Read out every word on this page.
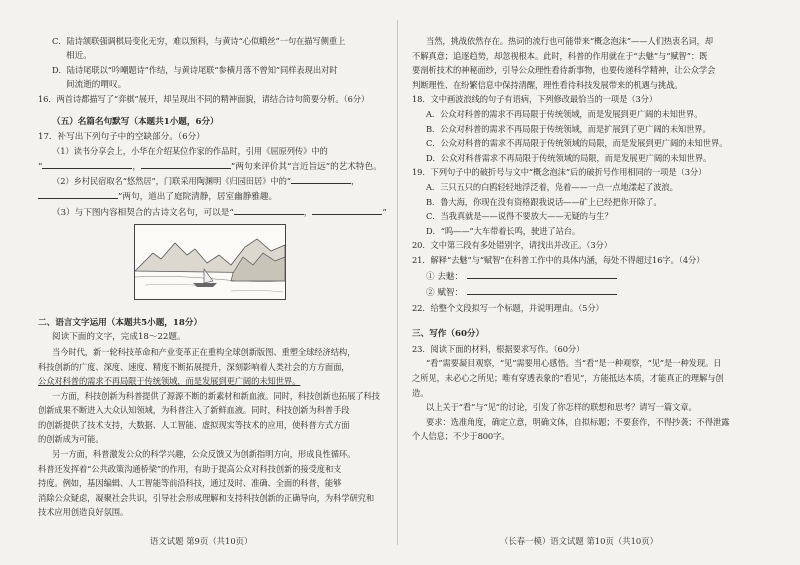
C．陆诗颔联强调棋局变化无穷，难以预料，与黄诗“心似蛾丝”一句在描写侧重上
相近。
D．陆诗尾联以“吟嘲题诗”作结，与黄诗尾联“参横月落不曾知”同样表现出对时
间流逝的喟叹。
16．两首诗都描写了“弈棋”展开，却呈现出不同的精神面貌，请结合诗句简要分析。（6分）
（五）名篇名句默写（本题共1小题，6分）
17．补写出下列句子中的空缺部分。（6分）
（1）读书分享会上，小华在介绍某位作家的作品时，引用《屈原列传》中的
“	，	”两句来评价其“言近旨远”的艺术特色。
（2）乡村民宿取名“悠然居”，门联采用陶渊明《归园田居》中的“	，
”两句，道出了庭院清静，居室幽静雅趣。
（3）与下图内容相契合的古诗文名句，可以是“	，	”
二、语言文字运用（本题共5小题，18分）
阅读下面的文字，完成18～22题。
当今时代，新一轮科技革命和产业变革正在重构全球创新版图、重塑全球经济结构，
科技创新的广度、深度、速度、精度不断拓展提升，深刻影响着人类社会的方方面面，
公众对科普的需求不再局限于传统领域，而是发展到更广阔的未知世界。
一方面，科技创新为科普提供了源源不断的新素材和新血液。同时，科技创新也拓展了科技
创新成果不断进入大众认知领域，为科普注入了新鲜血液。同时，科技创新为科普手段
的创新提供了技术支持，大数据、人工智能、虚拟现实等技术的应用，使科普方式方面
的创新成为可能。
另一方面，科普激发公众的科学兴趣，公众反馈又为创新指明方向，形成良性循环。
科普还发挥着“公共政策沟通桥梁”的作用，有助于提高公众对科技创新的接受度和支
持度。例如，基因编辑、人工智能等前沿科技，通过及时、准确、全面的科普，能够
消除公众疑虑，凝聚社会共识，引导社会形成理解和支持科技创新的正确导向，为科学研究和
技术应用创造良好氛围。
当然，挑战依然存在。热词的流行也可能带来“概念泡沫”——人们热衷名词，却
不解真意；追逐趋势，却忽视根本。此时，科普的作用就在于“去魅”与“赋智”：既
要剖析技术的神秘面纱，引导公众理性看待新事物，也要传递科学精神，让公众学会
判断理性、在纷繁信息中保持清醒，理性看待科技发展带来的机遇与挑战。
18．文中画波浪线的句子有语病，下列修改最恰当的一项是（3分）
A．公众对科普的需求不再局限于传统领域，而是发展到更广阔的未知世界。
B．公众对科普的需求不再局限于传统领域，而是扩展到了更广阔的未知世界。
C．公众对科普的需求不再局限于传统领域的局限，而是发展到更广阔的未知世界。
D．公众对科普需求不再局限于传统领域的局限，而是发展更广阔的未知世界。
19．下列句子中的破折号与文中“概念泡沫”后的破折号作用相同的一项是（3分）
A．三只五只的白鸥轻轻地浮泛着，凫着——一点一点地漾起了波浪。
B．鲁大海，你现在没有资格跟我说话——矿上已经把你开除了。
C．当我真就是——说得不要放大——无疑的与生？
D．“呜——”大车带着长鸣，驶进了站台。
20．文中第三段有多处错别字，请找出并改正。（3分）
21．解释“去魅”与“赋智”在科普工作中的具体内涵，每处不得超过16字。（4分）
① 去魅：
② 赋智：
22．给整个文段拟写一个标题，并说明理由。（5分）
三、写作（60分）
23．阅读下面的材料，根据要求写作。（60分）
“看”需要凝目观察，“见”需要用心感悟。当“看”是一种观察，“见”是一种发现。日
之所见，未必心之所见；唯有穿透表象的“看见”，方能抵达本质，才能真正的理解与创
造。
以上关于“看”与“见”的讨论，引发了你怎样的联想和思考？请写一篇文章。
要求：选准角度，确定立意，明确文体，自拟标题；不要套作，不得抄袭；不得泄露
个人信息；不少于800字。
语文试题 第9页（共10页）	（长春一模）语文试题 第10页（共10页）
